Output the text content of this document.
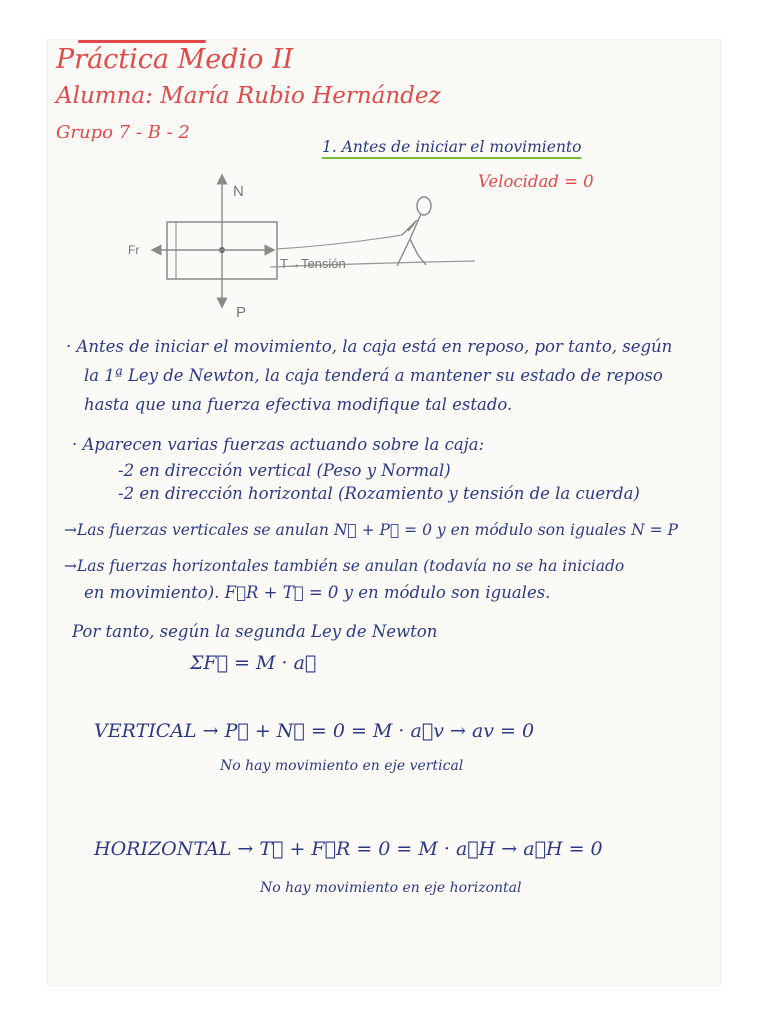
Práctica Medio II
Alumna: María Rubio Hernández
Grupo 7 - B - 2
1. Antes de iniciar el movimiento
Velocidad = 0
N
P
Fr
T→Tensión
· Antes de iniciar el movimiento, la caja está en reposo, por tanto, según
la 1ª Ley de Newton, la caja tenderá a mantener su estado de reposo
hasta que una fuerza efectiva modifique tal estado.
· Aparecen varias fuerzas actuando sobre la caja:
-2 en dirección vertical (Peso y Normal)
-2 en dirección horizontal (Rozamiento y tensión de la cuerda)
→Las fuerzas verticales se anulan N⃗ + P⃗ = 0 y en módulo son iguales N = P
→Las fuerzas horizontales también se anulan (todavía no se ha iniciado
en movimiento). F⃗R + T⃗ = 0 y en módulo son iguales.
Por tanto, según la segunda Ley de Newton
ΣF⃗ = M · a⃗
VERTICAL → P⃗ + N⃗ = 0 = M · a⃗v → av = 0
No hay movimiento en eje vertical
HORIZONTAL → T⃗ + F⃗R = 0 = M · a⃗H → a⃗H = 0
No hay movimiento en eje horizontal
